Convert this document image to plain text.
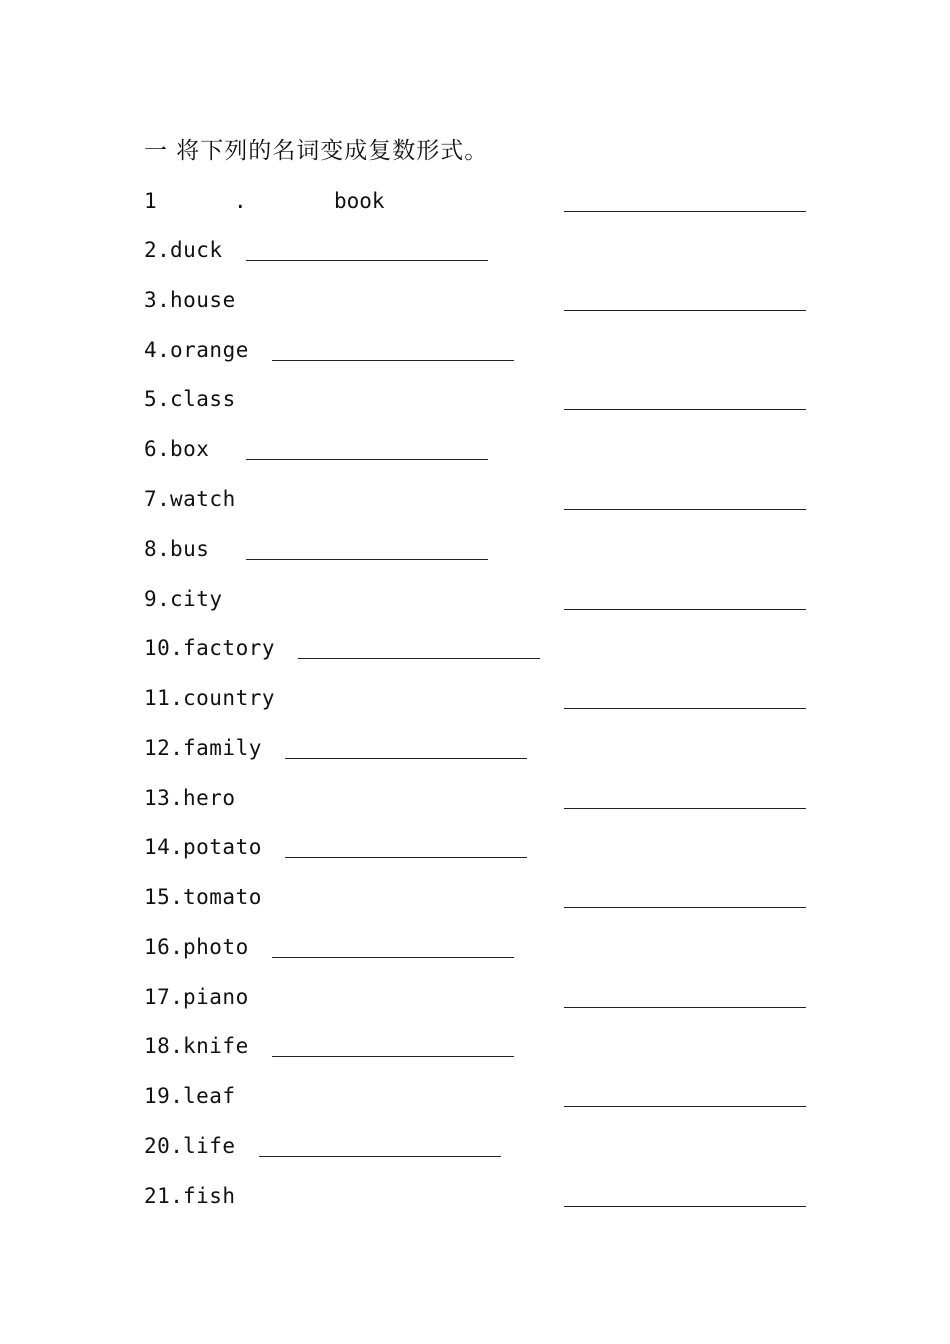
一 将下列的名词变成复数形式。
1	.	book
2. duck
3. house
4. orange
5. class
6. box
7. watch
8. bus
9. city
10. factory
11. country
12. family
13. hero
14. potato
15. tomato
16. photo
17. piano
18. knife
19. leaf
20. life
21. fish
